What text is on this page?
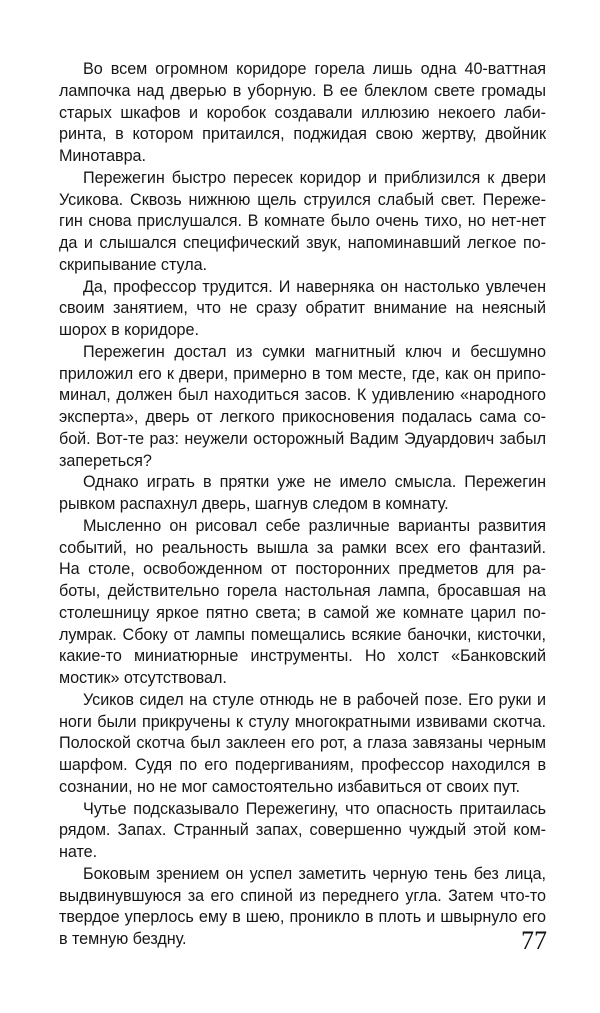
Во всем огромном коридоре горела лишь одна 40-ваттная
лампочка над дверью в уборную. В ее блеклом свете громады
старых шкафов и коробок создавали иллюзию некоего лаби-
ринта, в котором притаился, поджидая свою жертву, двойник
Минотавра.
Пережегин быстро пересек коридор и приблизился к двери
Усикова. Сквозь нижнюю щель струился слабый свет. Переже-
гин снова прислушался. В комнате было очень тихо, но нет-нет
да и слышался специфический звук, напоминавший легкое по-
скрипывание стула.
Да, профессор трудится. И наверняка он настолько увлечен
своим занятием, что не сразу обратит внимание на неясный
шорох в коридоре.
Пережегин достал из сумки магнитный ключ и бесшумно
приложил его к двери, примерно в том месте, где, как он припо-
минал, должен был находиться засов. К удивлению «народного
эксперта», дверь от легкого прикосновения подалась сама со-
бой. Вот-те раз: неужели осторожный Вадим Эдуардович забыл
запереться?
Однако играть в прятки уже не имело смысла. Пережегин
рывком распахнул дверь, шагнув следом в комнату.
Мысленно он рисовал себе различные варианты развития
событий, но реальность вышла за рамки всех его фантазий.
На столе, освобожденном от посторонних предметов для ра-
боты, действительно горела настольная лампа, бросавшая на
столешницу яркое пятно света; в самой же комнате царил по-
лумрак. Сбоку от лампы помещались всякие баночки, кисточки,
какие-то миниатюрные инструменты. Но холст «Банковский
мостик» отсутствовал.
Усиков сидел на стуле отнюдь не в рабочей позе. Его руки и
ноги были прикручены к стулу многократными извивами скотча.
Полоской скотча был заклеен его рот, а глаза завязаны черным
шарфом. Судя по его подергиваниям, профессор находился в
сознании, но не мог самостоятельно избавиться от своих пут.
Чутье подсказывало Пережегину, что опасность притаилась
рядом. Запах. Странный запах, совершенно чуждый этой ком-
нате.
Боковым зрением он успел заметить черную тень без лица,
выдвинувшуюся за его спиной из переднего угла. Затем что-то
твердое уперлось ему в шею, проникло в плоть и швырнуло его
в темную бездну.	77
